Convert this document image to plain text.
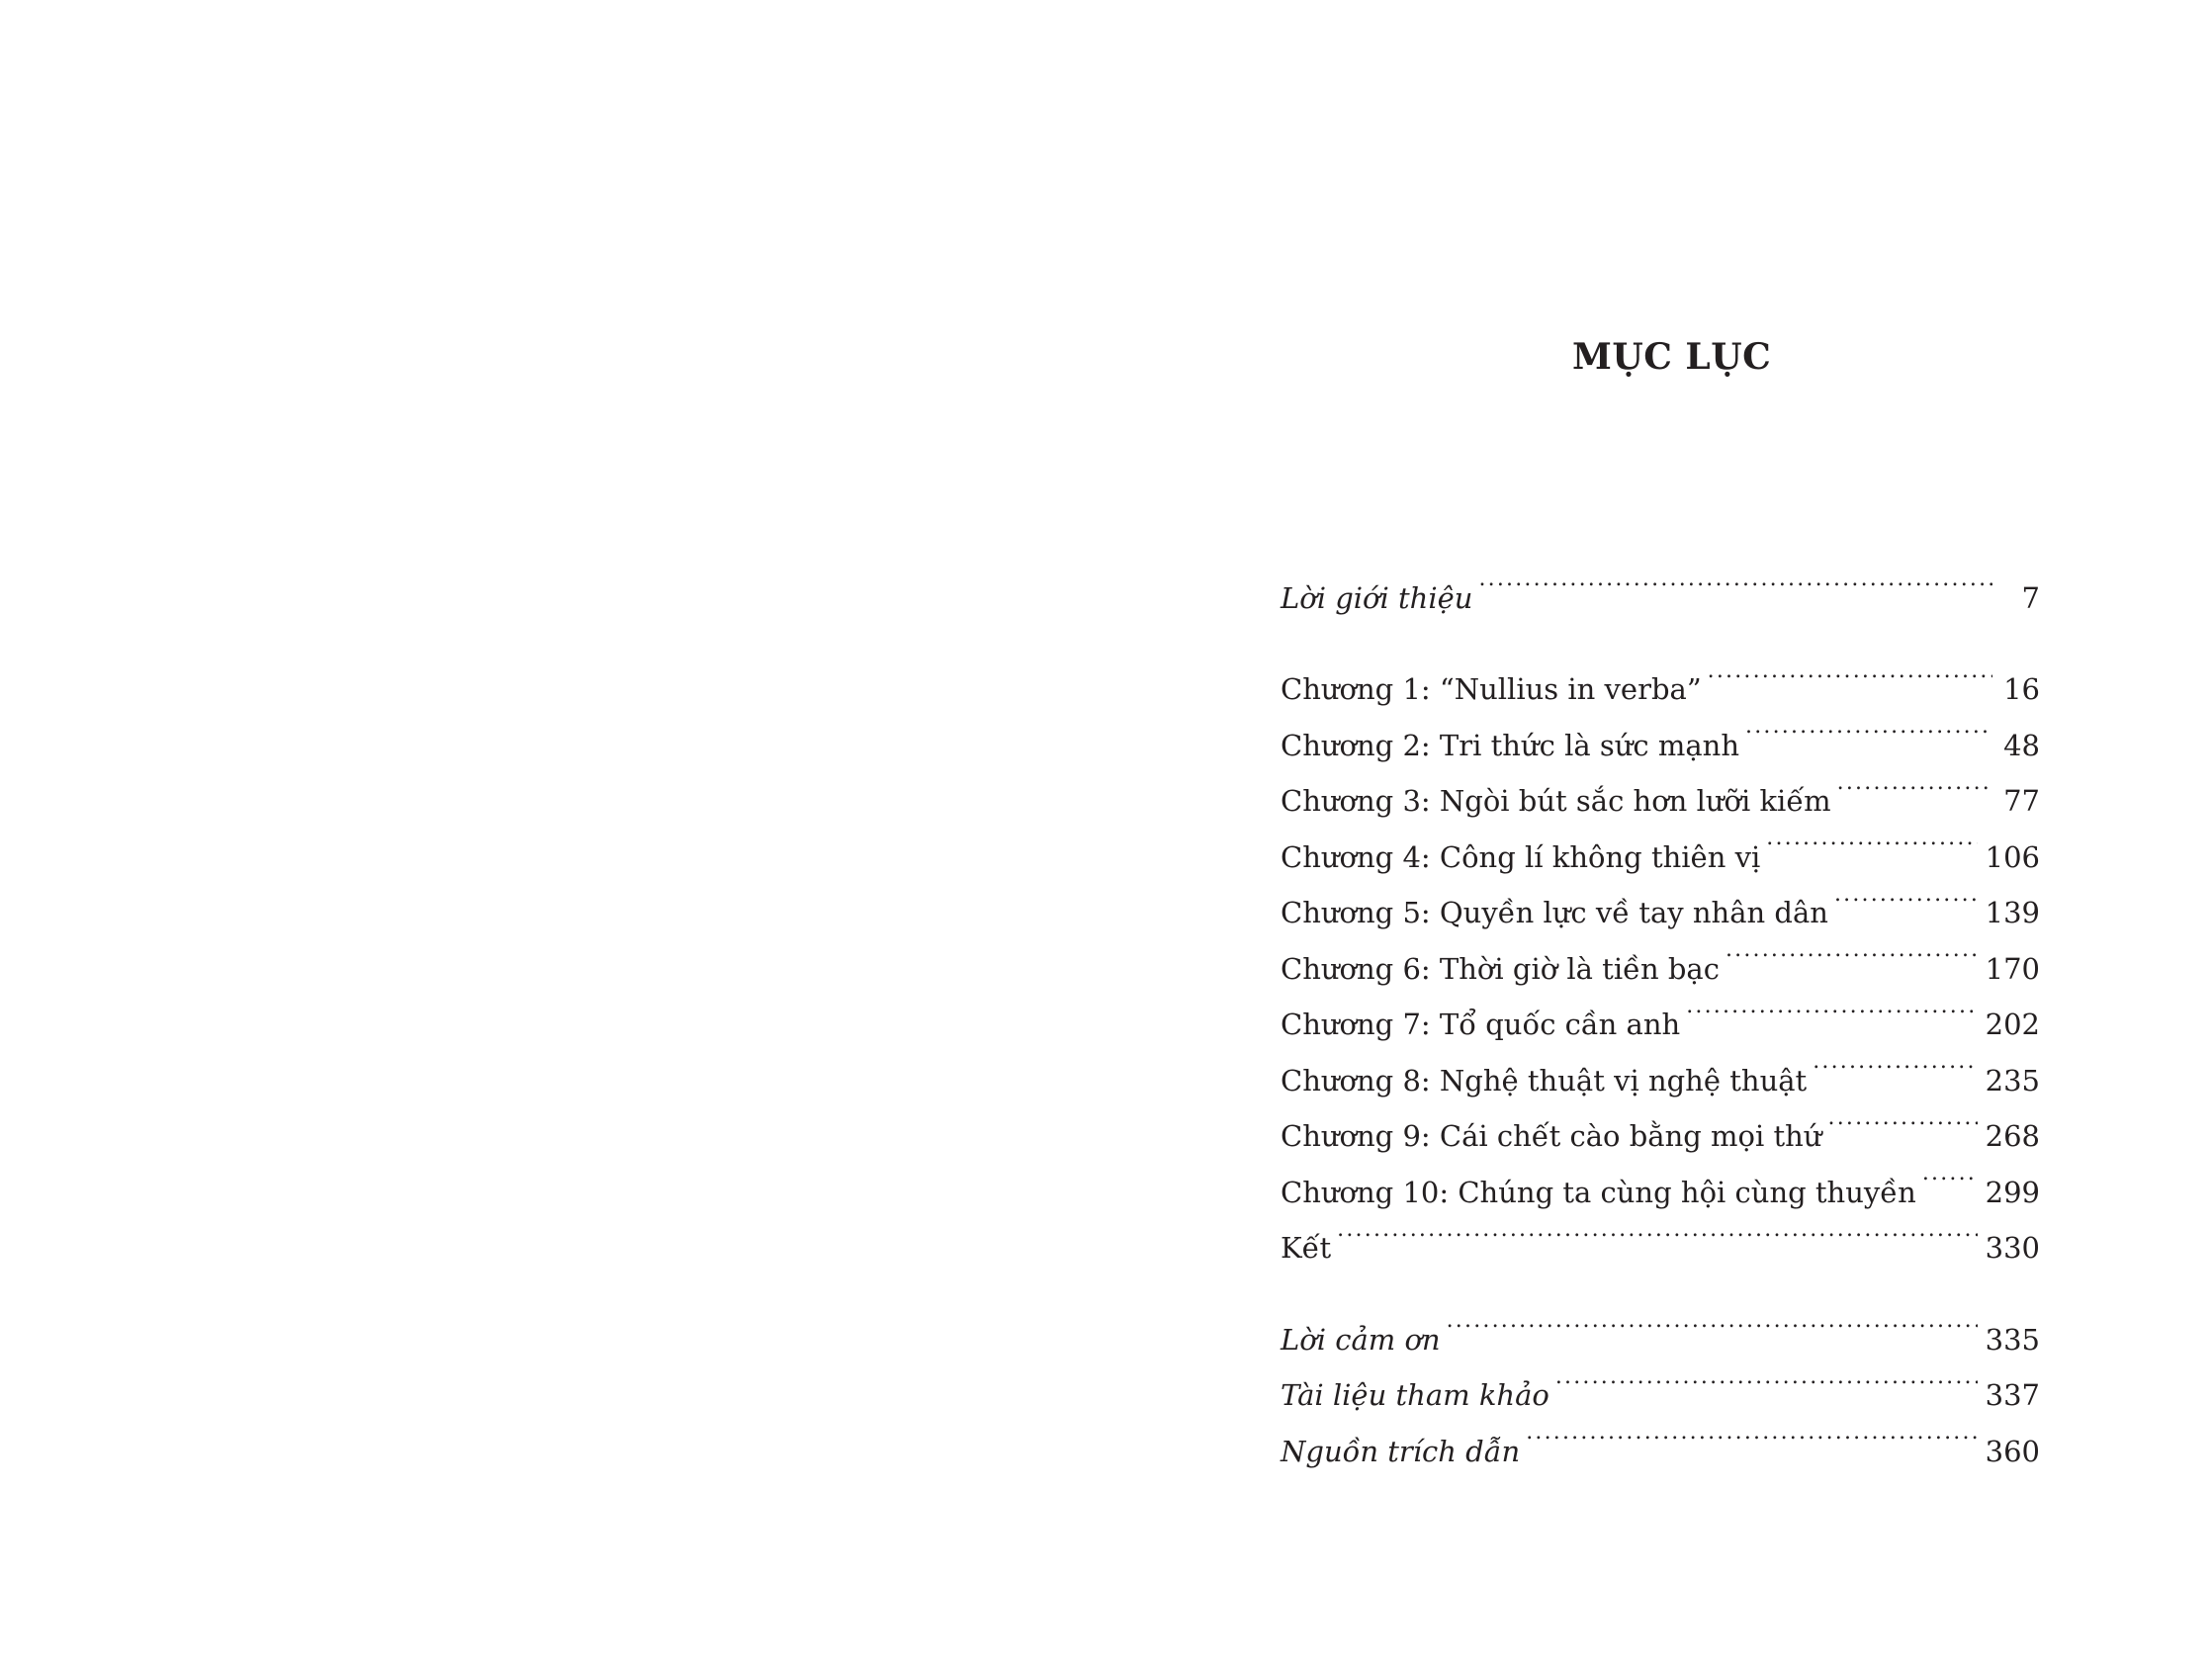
MỤC LỤC
Lời giới thiệu .....	7
Chương 1: “Nullius in verba” .....	16
Chương 2: Tri thức là sức mạnh .....	48
Chương 3: Ngòi bút sắc hơn lưỡi kiếm .....	77
Chương 4: Công lí không thiên vị .....	106
Chương 5: Quyền lực về tay nhân dân .....	139
Chương 6: Thời giờ là tiền bạc .....	170
Chương 7: Tổ quốc cần anh .....	202
Chương 8: Nghệ thuật vị nghệ thuật .....	235
Chương 9: Cái chết cào bằng mọi thứ .....	268
Chương 10: Chúng ta cùng hội cùng thuyền ..... 299
Kết .....	330
Lời cảm ơn .....	335
Tài liệu tham khảo .....	337
Nguồn trích dẫn .....	360
